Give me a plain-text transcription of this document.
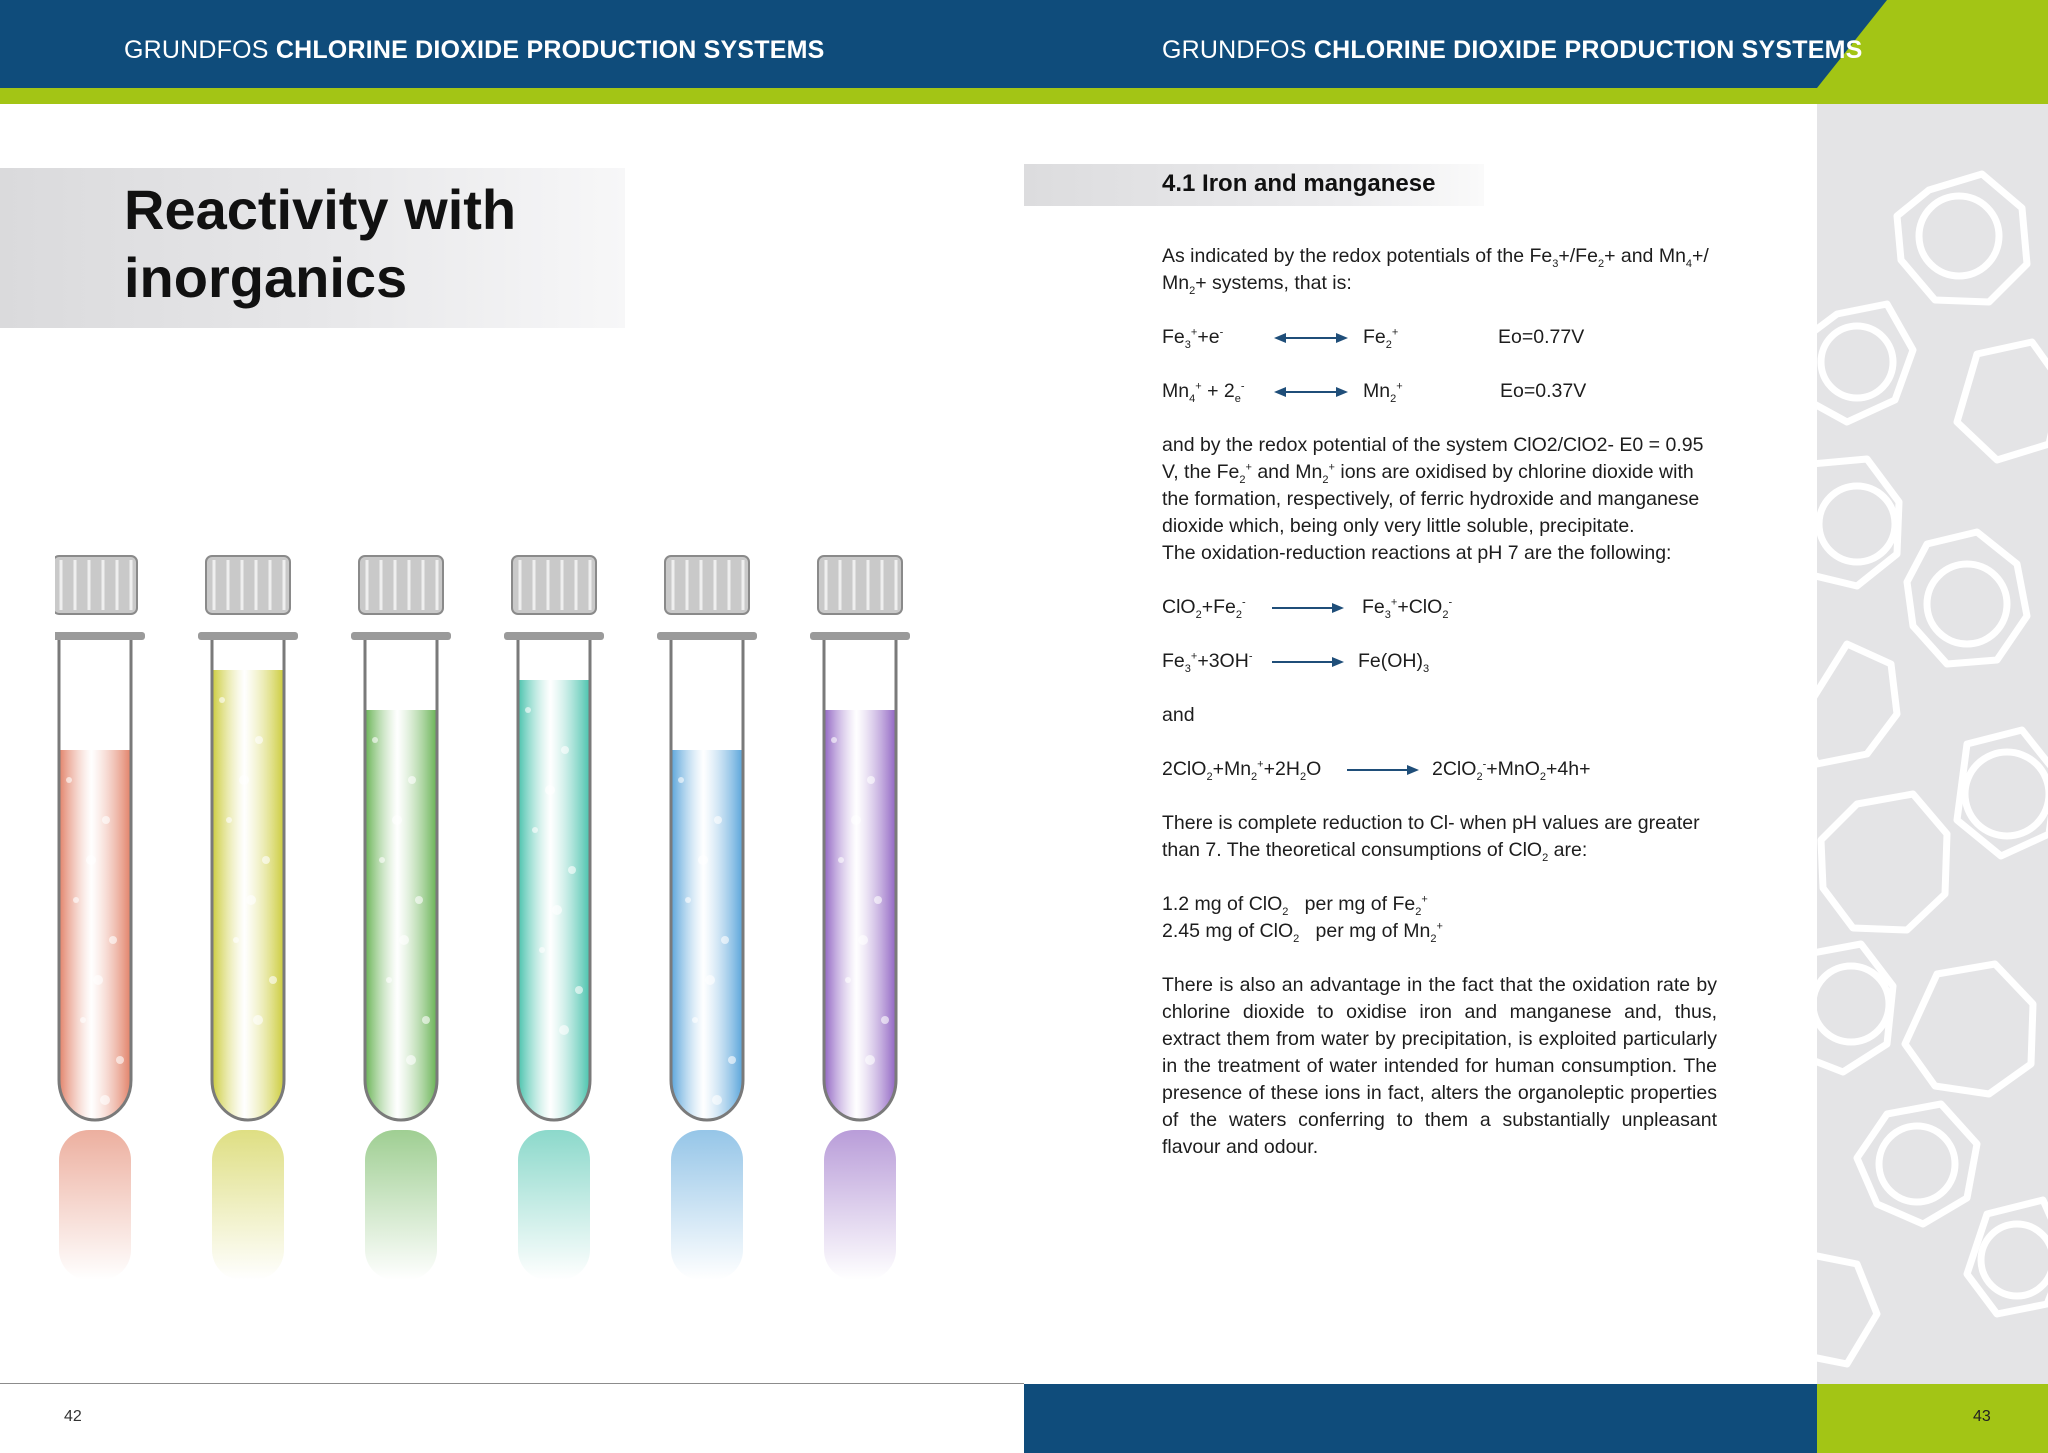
GRUNDFOS CHLORINE DIOXIDE PRODUCTION SYSTEMS	GRUNDFOS CHLORINE DIOXIDE PRODUCTION SYSTEMS
Reactivity with
inorganics
42
4.1 Iron and manganese

As indicated by the redox potentials of the $Fe_3+/Fe_2+$ and $Mn_4+/$
$Mn_2+$ systems, that is:

$Fe_3^++e^-$	$Fe_2^+$	Eo=0.77V
$Mn_4^+ + 2_e^-$	$Mn_2^+$	Eo=0.37V

and by the redox potential of the system ClO2/ClO2- E0 = 0.95
V, the $Fe_2^+$ and $Mn_2^+$ ions are oxidised by chlorine dioxide with
the formation, respectively, of ferric hydroxide and manganese
dioxide which, being only very little soluble, precipitate.
The oxidation-reduction reactions at pH 7 are the following:

$ClO_2+Fe_2^-$	$Fe_3^++ClO_2^-$
$Fe_3^++3OH^-$	$Fe(OH)_3$

and

$2ClO_2+Mn_2^++2H_2O$	2ClO$_2$-+MnO$_2$+4h+

There is complete reduction to Cl- when pH values are greater
than 7. The theoretical consumptions of ClO$_2$ are:

1.2 mg of ClO$_2$   per mg of $Fe_2^+$

2.45 mg of ClO$_2$   per mg of $Mn_2^+$

There is also an advantage in the fact that the oxidation rate by chlorine dioxide to oxidise iron and manganese and, thus, extract them from water by precipitation, is exploited particularly in the treatment of water intended for human consumption. The presence of these ions in fact, alters the organoleptic properties of the waters conferring to them a substantially unpleasant flavour and odour.

43
